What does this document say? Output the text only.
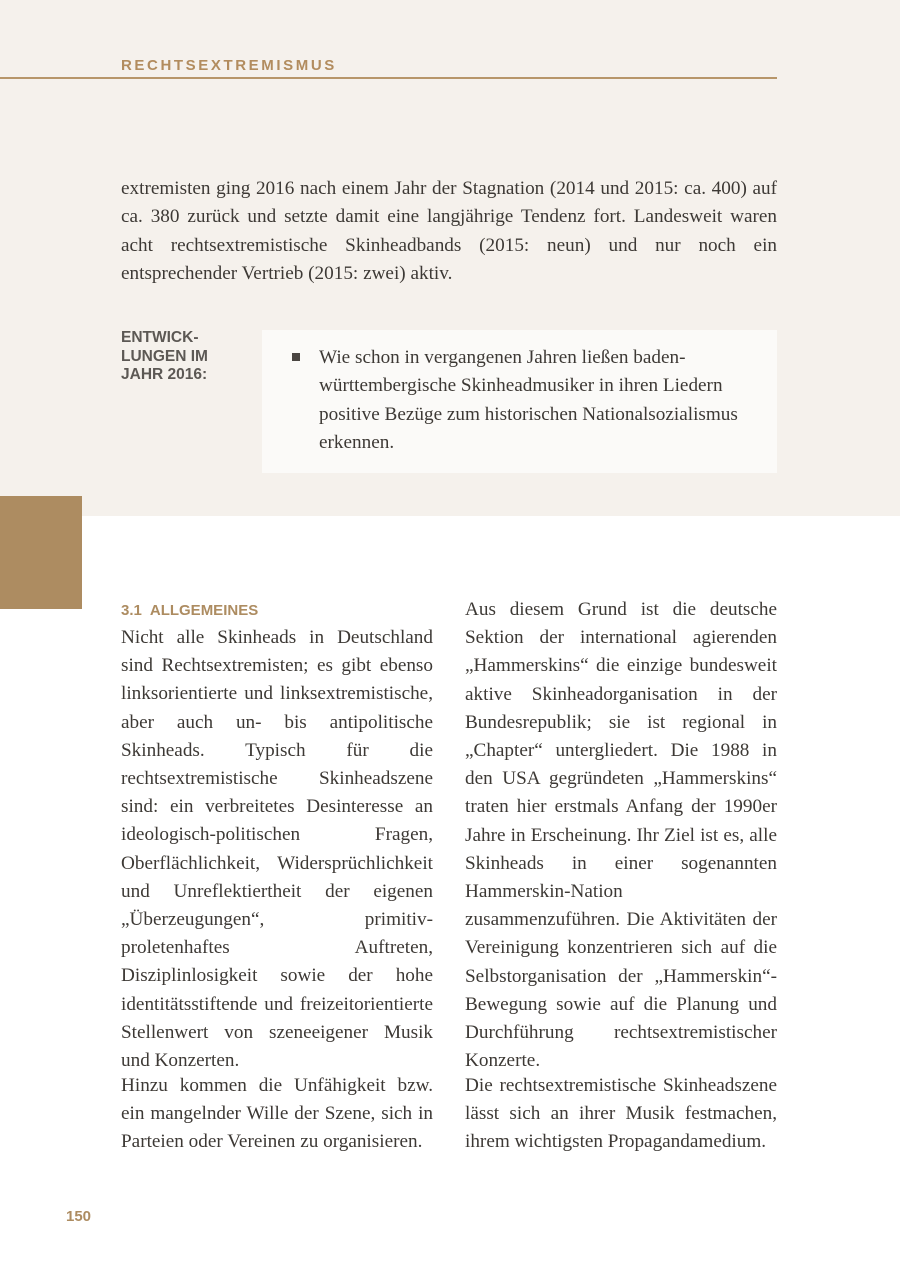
RECHTSEXTREMISMUS

extremisten ging 2016 nach einem Jahr der Stagnation (2014 und 2015: ca. 400) auf ca. 380 zurück und setzte damit eine langjährige Tendenz fort. Landesweit waren acht rechtsextremistische Skinheadbands (2015: neun) und nur noch ein entsprechender Vertrieb (2015: zwei) aktiv.

ENTWICK-
LUNGEN IM
JAHR 2016:
Wie schon in vergangenen Jahren ließen baden-württembergische Skinheadmusiker in ihren Liedern positive Bezüge zum historischen Nationalsozialismus erkennen.
3.1 ALLGEMEINES

Nicht alle Skinheads in Deutschland sind Rechtsextremisten; es gibt ebenso linksorientierte und linksextremistische, aber auch un- bis antipolitische Skinheads. Typisch für die rechtsextremistische Skinheadszene sind: ein verbreitetes Desinteresse an ideologisch-politischen Fragen, Oberflächlichkeit, Widersprüchlichkeit und Unreflektiertheit der eigenen „Überzeugungen“, primitiv-proletenhaftes Auftreten, Disziplinlosigkeit sowie der hohe identitätsstiftende und freizeitorientierte Stellenwert von szeneeigener Musik und Konzerten.

Hinzu kommen die Unfähigkeit bzw. ein mangelnder Wille der Szene, sich in Parteien oder Vereinen zu organisieren.

Aus diesem Grund ist die deutsche Sektion der international agierenden „Hammerskins“ die einzige bundesweit aktive Skinheadorganisation in der Bundesrepublik; sie ist regional in „Chapter“ untergliedert. Die 1988 in den USA gegründeten „Hammerskins“ traten hier erstmals Anfang der 1990er Jahre in Erscheinung. Ihr Ziel ist es, alle Skinheads in einer sogenannten Hammerskin-Nation zusammenzuführen. Die Aktivitäten der Vereinigung konzentrieren sich auf die Selbstorganisation der „Hammerskin“-Bewegung sowie auf die Planung und Durchführung rechtsextremistischer Konzerte.

Die rechtsextremistische Skinheadszene lässt sich an ihrer Musik festmachen, ihrem wichtigsten Propagandamedium.

150
